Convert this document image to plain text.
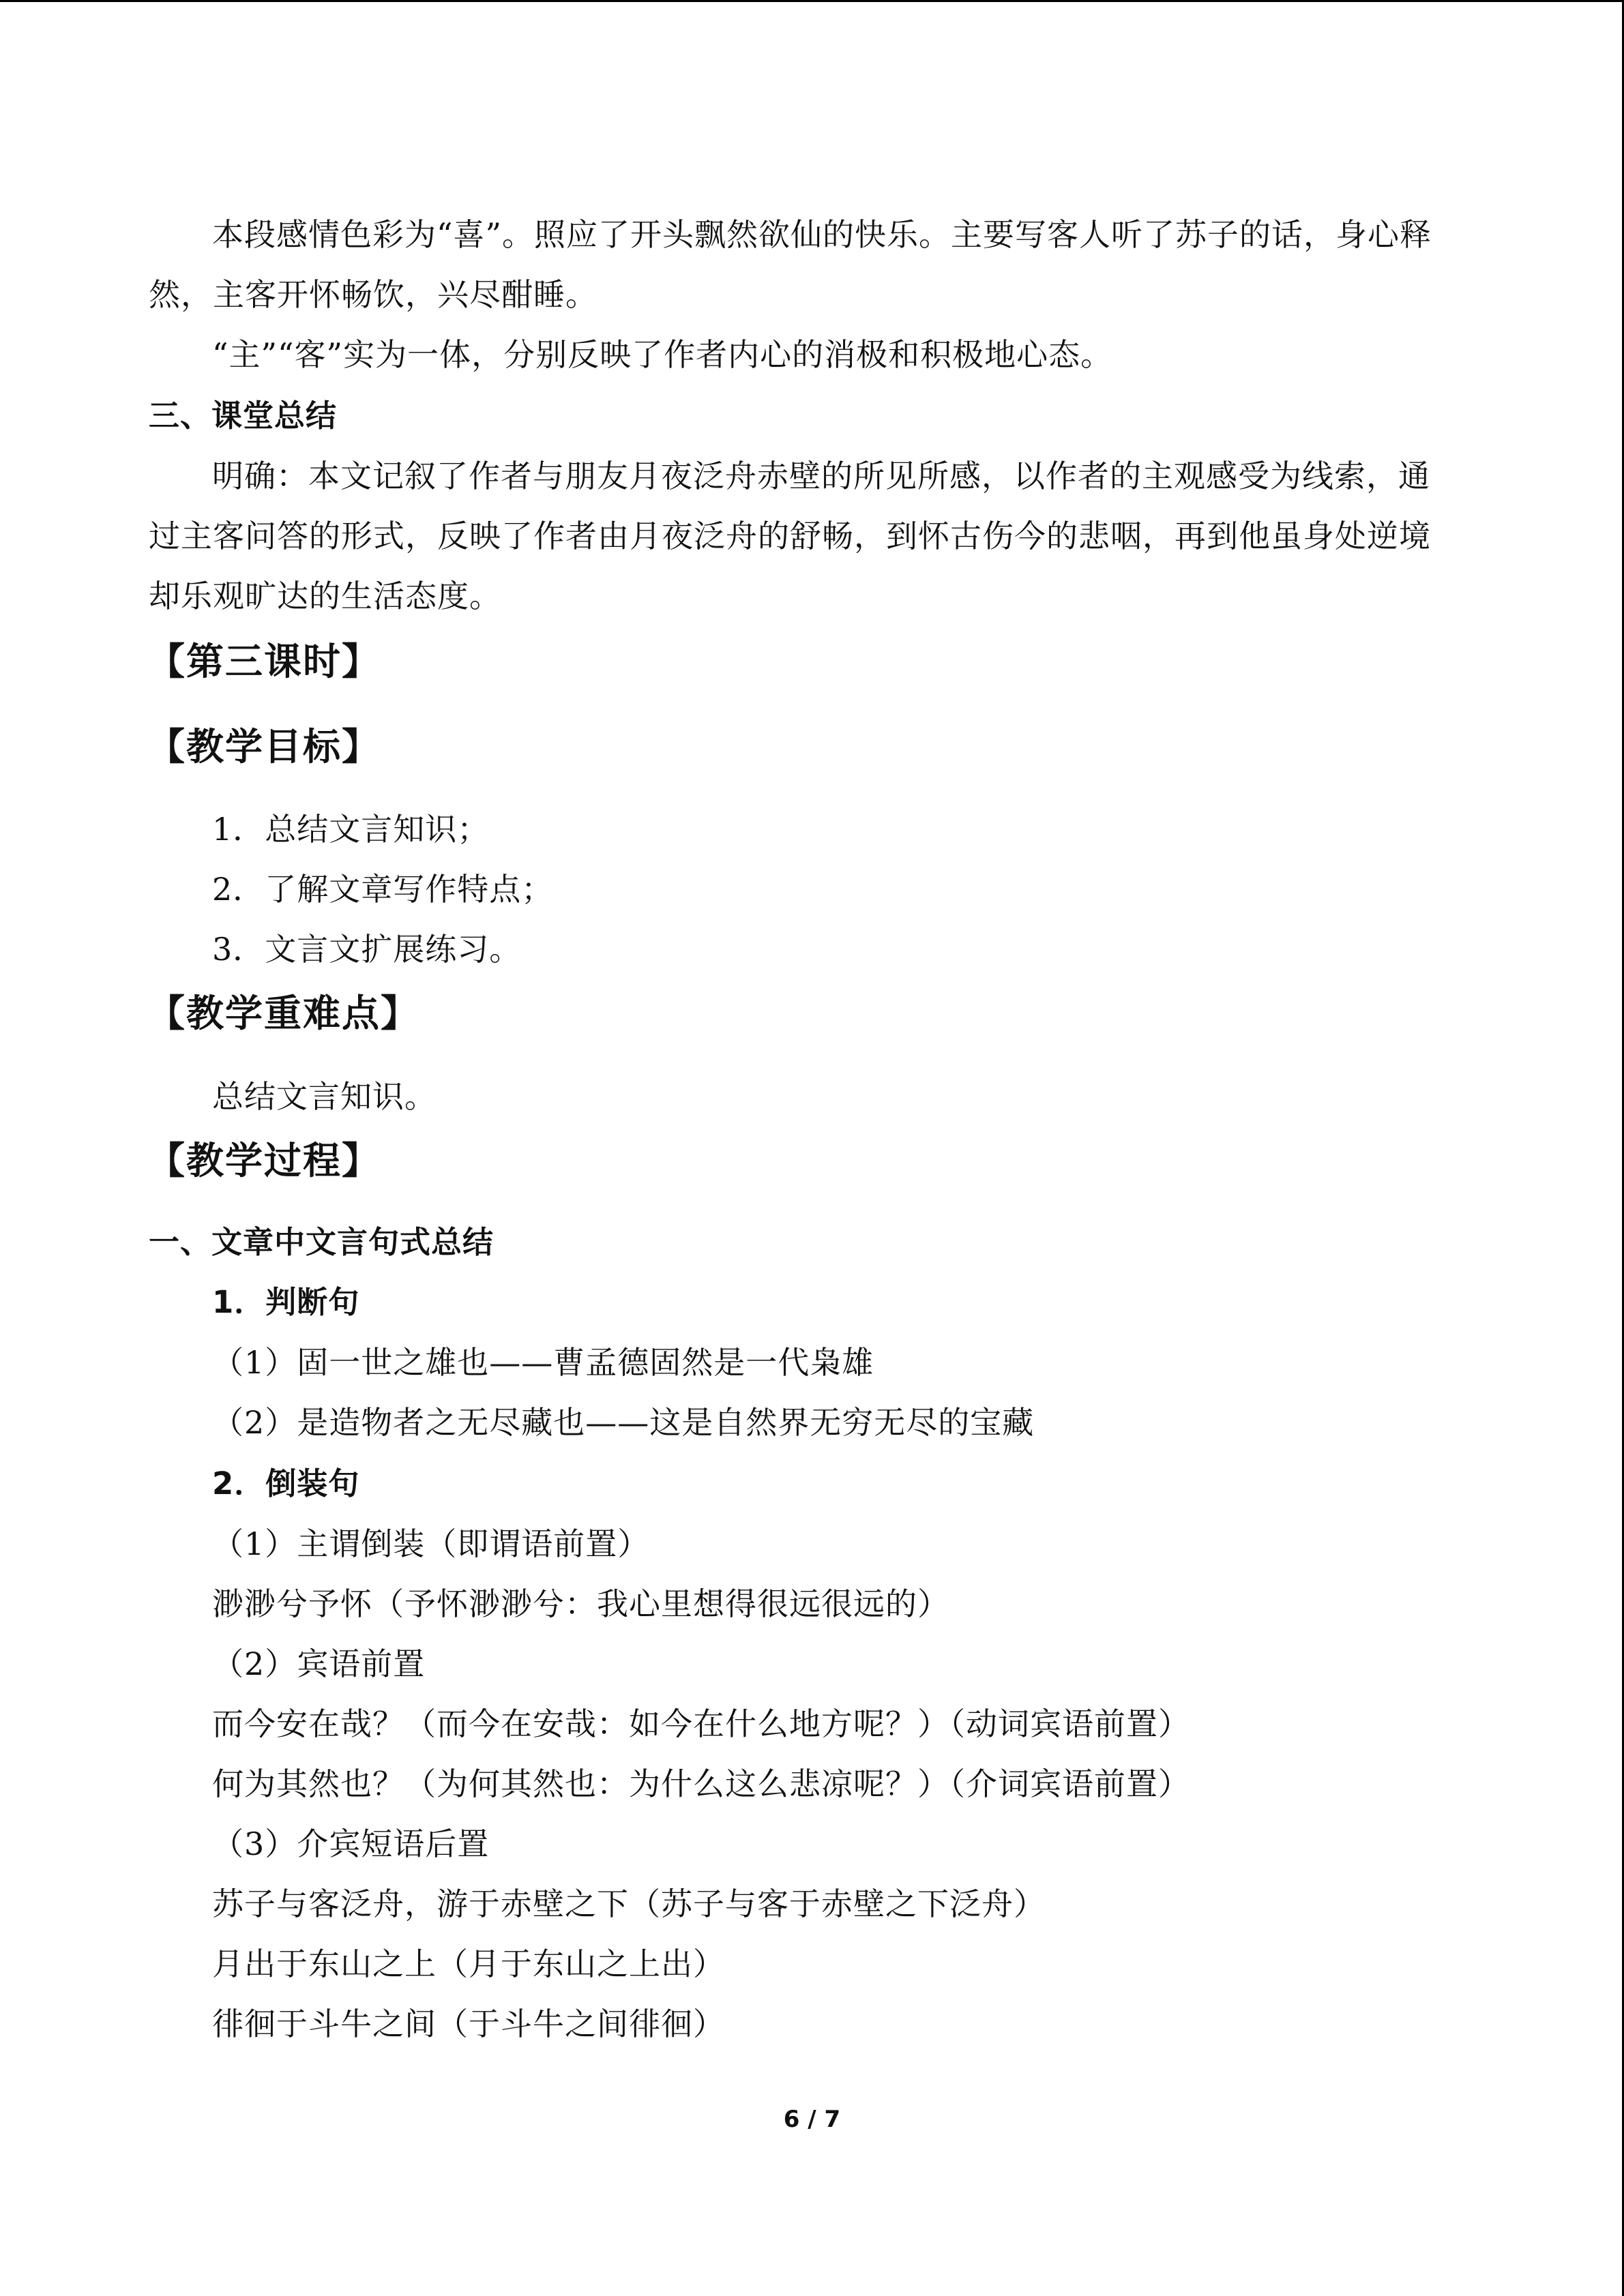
本段感情色彩为“喜”。照应了开头飘然欲仙的快乐。主要写客人听了苏子的话，身心释
然，主客开怀畅饮，兴尽酣睡。
“主”“客”实为一体，分别反映了作者内心的消极和积极地心态。
三、课堂总结
明确：本文记叙了作者与朋友月夜泛舟赤壁的所见所感，以作者的主观感受为线索，通
过主客问答的形式，反映了作者由月夜泛舟的舒畅，到怀古伤今的悲咽，再到他虽身处逆境
却乐观旷达的生活态度。
【第三课时】
【教学目标】
1．总结文言知识；
2．了解文章写作特点；
3．文言文扩展练习。
【教学重难点】
总结文言知识。
【教学过程】
一、文章中文言句式总结
1．判断句
（1）固一世之雄也——曹孟德固然是一代枭雄
（2）是造物者之无尽藏也——这是自然界无穷无尽的宝藏
2．倒装句
（1）主谓倒装（即谓语前置）
渺渺兮予怀（予怀渺渺兮：我心里想得很远很远的）
（2）宾语前置
而今安在哉？（而今在安哉：如今在什么地方呢？）（动词宾语前置）
何为其然也？（为何其然也：为什么这么悲凉呢？）（介词宾语前置）
（3）介宾短语后置
苏子与客泛舟，游于赤壁之下（苏子与客于赤壁之下泛舟）
月出于东山之上（月于东山之上出）
徘徊于斗牛之间（于斗牛之间徘徊）
6 / 7
